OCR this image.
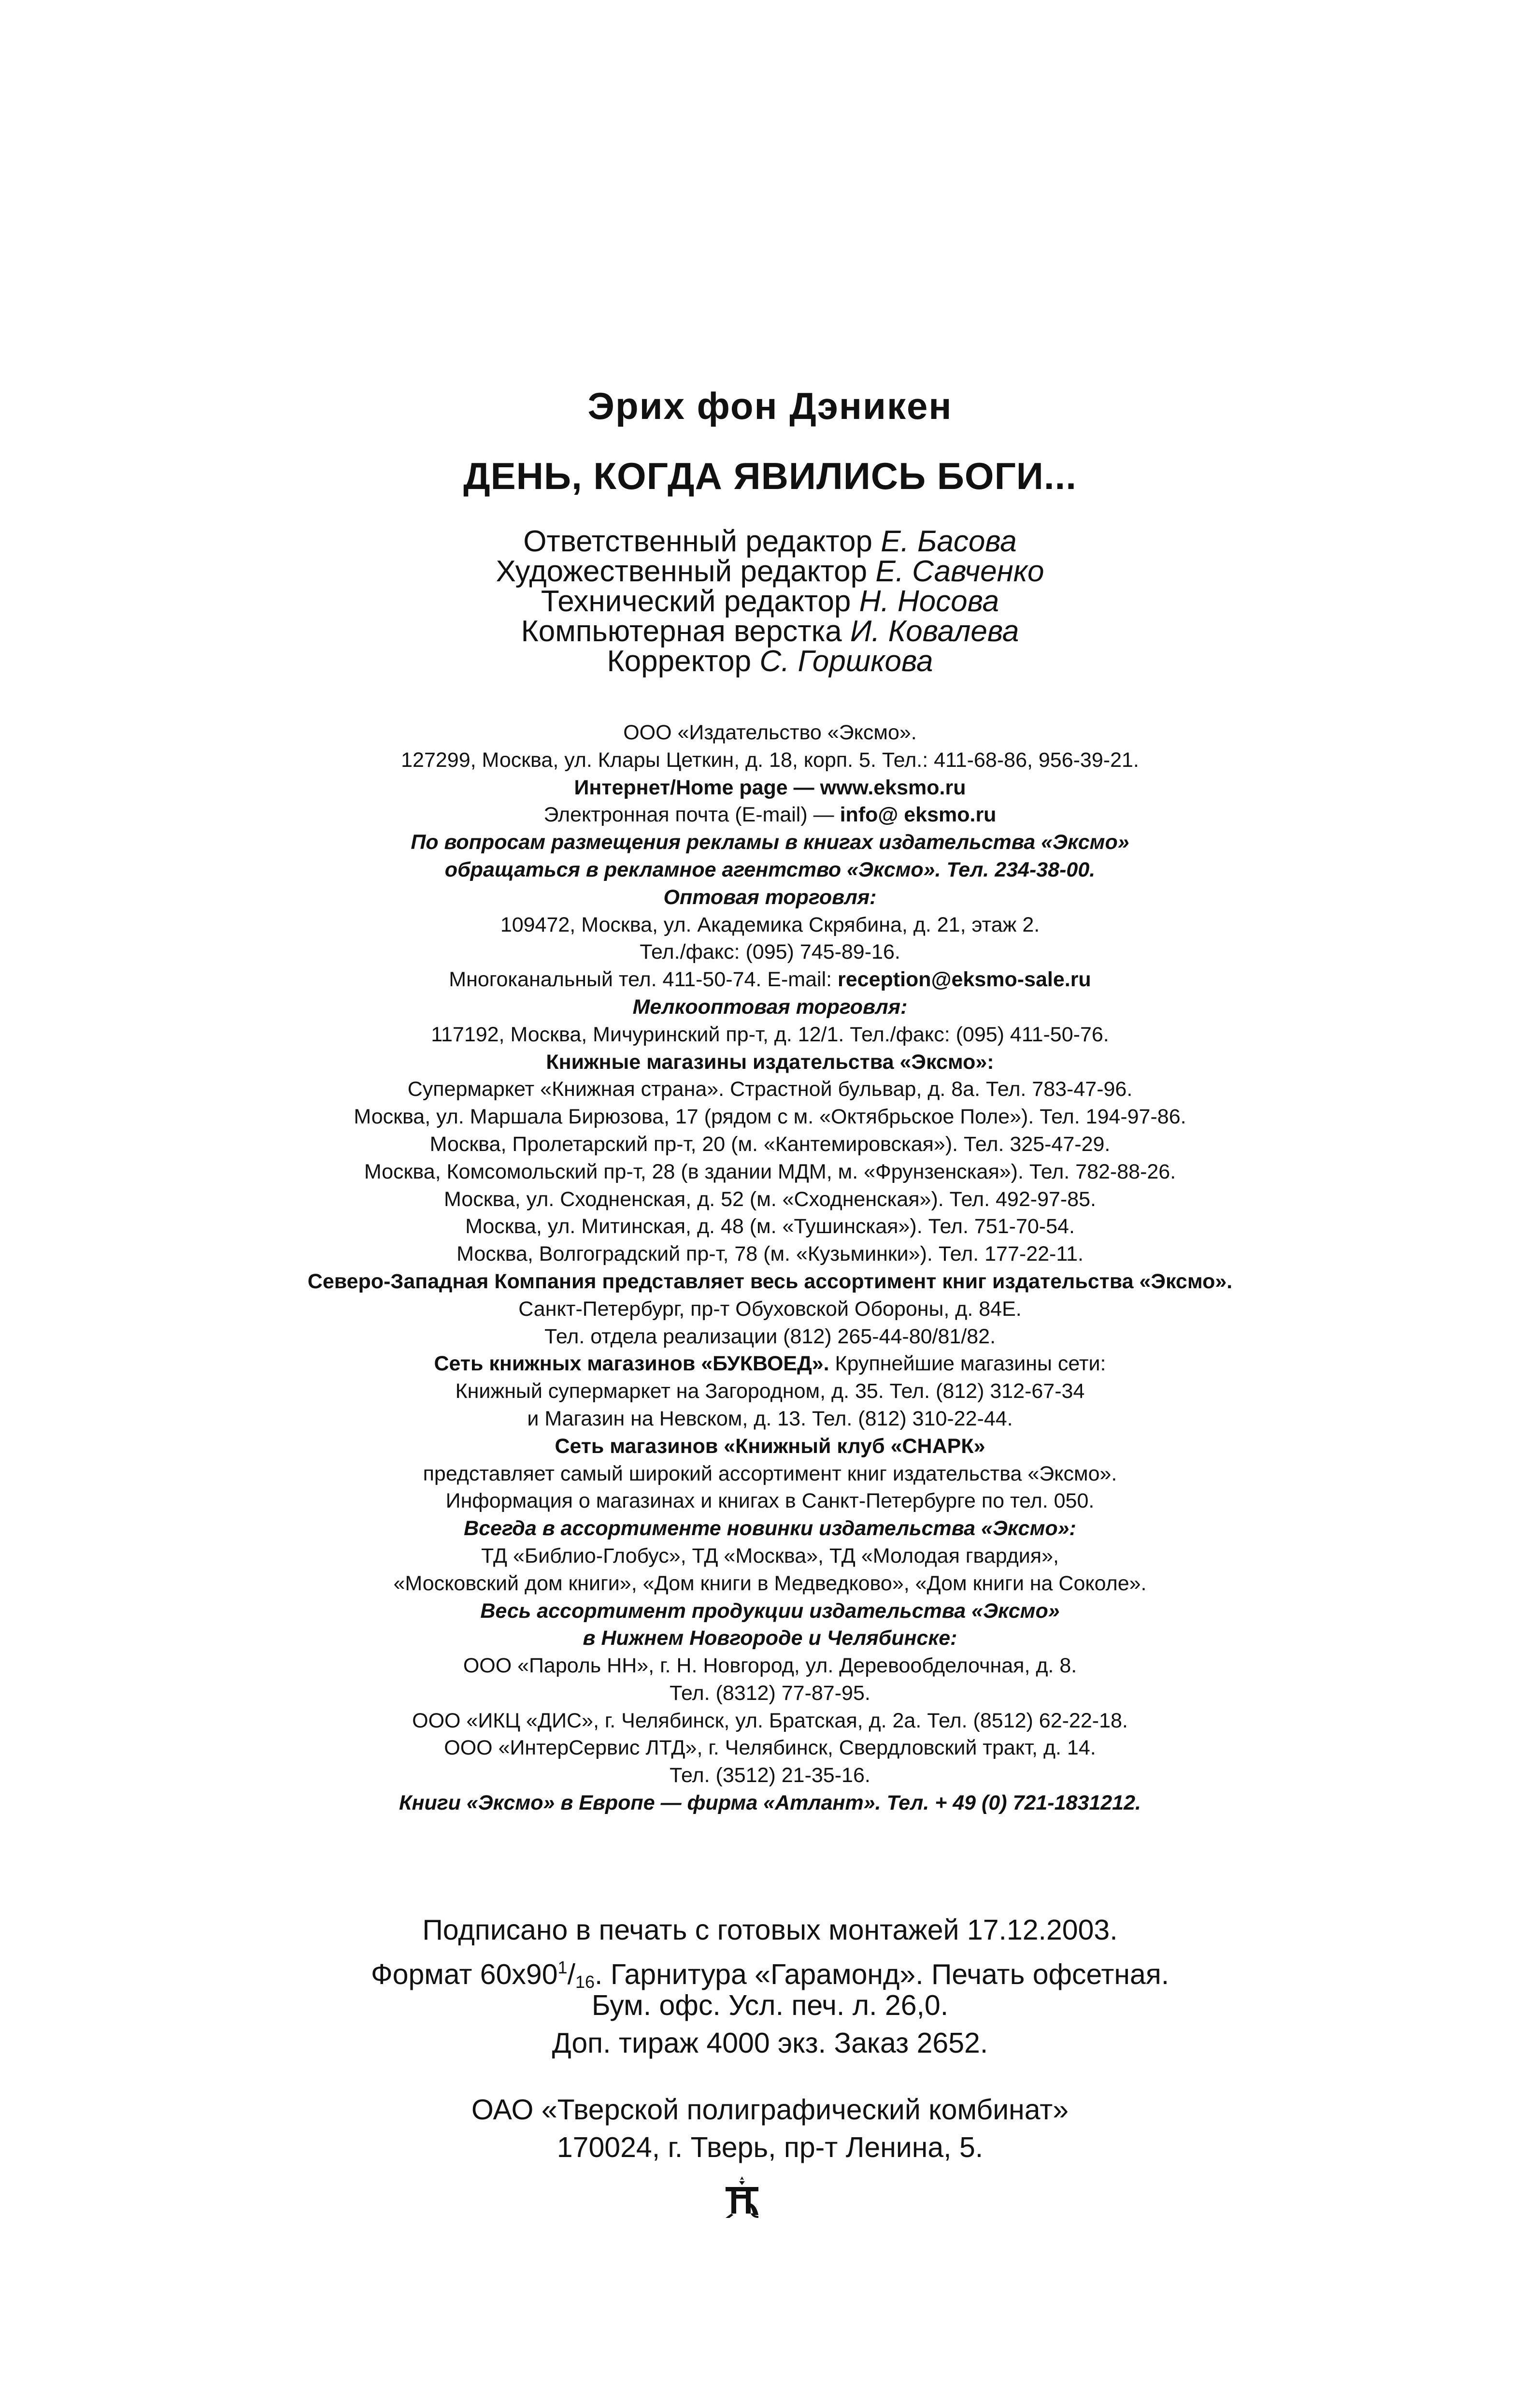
Эрих фон Дэникен
ДЕНЬ, КОГДА ЯВИЛИСЬ БОГИ...
Ответственный редактор Е. Басова
Художественный редактор Е. Савченко
Технический редактор Н. Носова
Компьютерная верстка И. Ковалева
Корректор С. Горшкова
ООО «Издательство «Эксмо».
127299, Москва, ул. Клары Цеткин, д. 18, корп. 5. Тел.: 411-68-86, 956-39-21.
Интернет/Home page — www.eksmo.ru
Электронная почта (E-mail) — info@ eksmo.ru
По вопросам размещения рекламы в книгах издательства «Эксмо»
обращаться в рекламное агентство «Эксмо». Тел. 234-38-00.
Оптовая торговля:
109472, Москва, ул. Академика Скрябина, д. 21, этаж 2.
Тел./факс: (095) 745-89-16.
Многоканальный тел. 411-50-74. E-mail: reception@eksmo-sale.ru
Мелкооптовая торговля:
117192, Москва, Мичуринский пр-т, д. 12/1. Тел./факс: (095) 411-50-76.
Книжные магазины издательства «Эксмо»:
Супермаркет «Книжная страна». Страстной бульвар, д. 8а. Тел. 783-47-96.
Москва, ул. Маршала Бирюзова, 17 (рядом с м. «Октябрьское Поле»). Тел. 194-97-86.
Москва, Пролетарский пр-т, 20 (м. «Кантемировская»). Тел. 325-47-29.
Москва, Комсомольский пр-т, 28 (в здании МДМ, м. «Фрунзенская»). Тел. 782-88-26.
Москва, ул. Сходненская, д. 52 (м. «Сходненская»). Тел. 492-97-85.
Москва, ул. Митинская, д. 48 (м. «Тушинская»). Тел. 751-70-54.
Москва, Волгоградский пр-т, 78 (м. «Кузьминки»). Тел. 177-22-11.
Северо-Западная Компания представляет весь ассортимент книг издательства «Эксмо».
Санкт-Петербург, пр-т Обуховской Обороны, д. 84Е.
Тел. отдела реализации (812) 265-44-80/81/82.
Сеть книжных магазинов «БУКВОЕД». Крупнейшие магазины сети:
Книжный супермаркет на Загородном, д. 35. Тел. (812) 312-67-34
и Магазин на Невском, д. 13. Тел. (812) 310-22-44.
Сеть магазинов «Книжный клуб «СНАРК»
представляет самый широкий ассортимент книг издательства «Эксмо».
Информация о магазинах и книгах в Санкт-Петербурге по тел. 050.
Всегда в ассортименте новинки издательства «Эксмо»:
ТД «Библио-Глобус», ТД «Москва», ТД «Молодая гвардия»,
«Московский дом книги», «Дом книги в Медведково», «Дом книги на Соколе».
Весь ассортимент продукции издательства «Эксмо»
в Нижнем Новгороде и Челябинске:
ООО «Пароль НН», г. Н. Новгород, ул. Деревообделочная, д. 8.
Тел. (8312) 77-87-95.
ООО «ИКЦ «ДИС», г. Челябинск, ул. Братская, д. 2а. Тел. (8512) 62-22-18.
ООО «ИнтерСервис ЛТД», г. Челябинск, Свердловский тракт, д. 14.
Тел. (3512) 21-35-16.
Книги «Эксмо» в Европе — фирма «Атлант». Тел. + 49 (0) 721-1831212.
Подписано в печать с готовых монтажей 17.12.2003.
Формат $60х90^1/_{16}$. Гарнитура «Гарамонд». Печать офсетная.
Бум. офс. Усл. печ. л. 26,0.
Доп. тираж 4000 экз. Заказ 2652.
ОАО «Тверской полиграфический комбинат»
170024, г. Тверь, пр-т Ленина, 5.
